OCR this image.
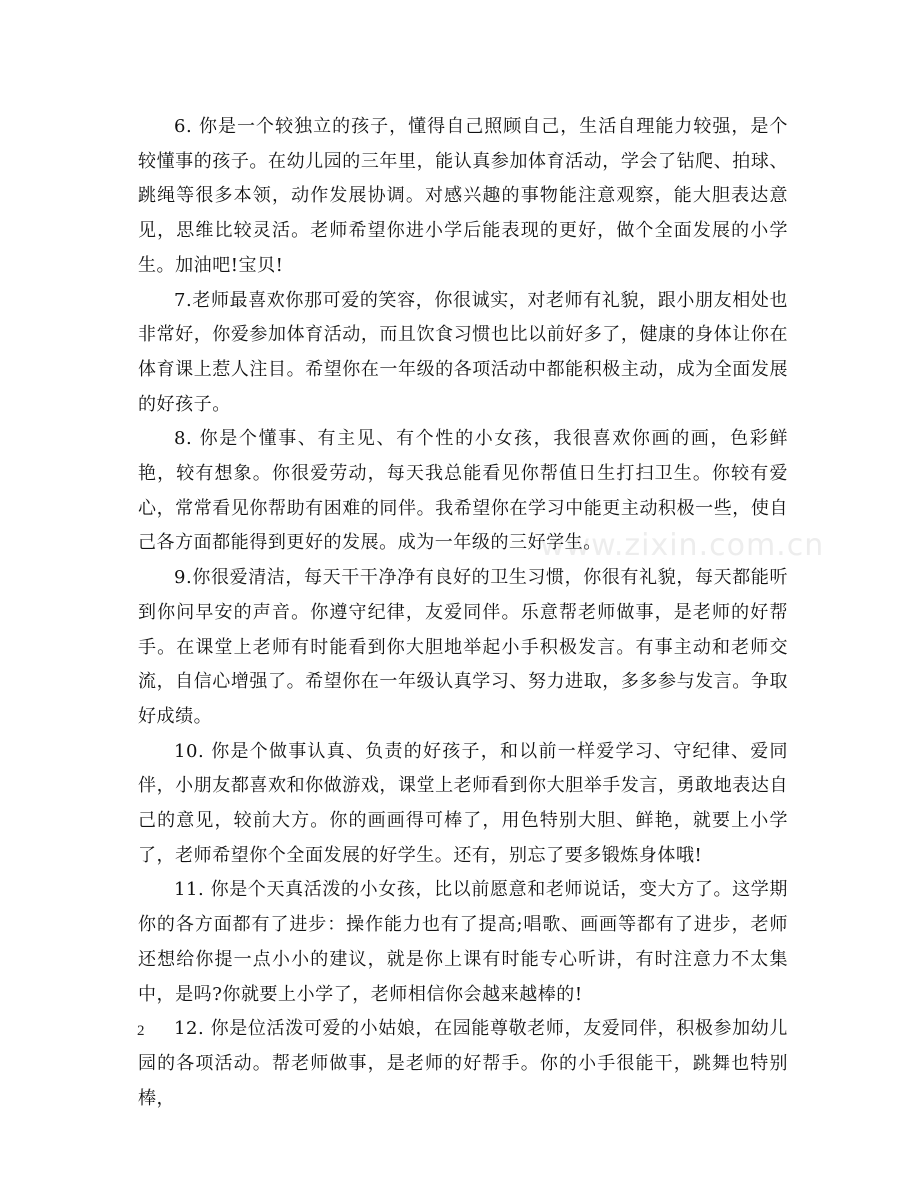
www.zixin.com.cn

6. 你是一个较独立的孩子，懂得自己照顾自己，生活自理能力较强，是个较懂事的孩子。在幼儿园的三年里，能认真参加体育活动，学会了钻爬、拍球、跳绳等很多本领，动作发展协调。对感兴趣的事物能注意观察，能大胆表达意见，思维比较灵活。老师希望你进小学后能表现的更好，做个全面发展的小学生。加油吧!宝贝!

7.老师最喜欢你那可爱的笑容，你很诚实，对老师有礼貌，跟小朋友相处也非常好，你爱参加体育活动，而且饮食习惯也比以前好多了，健康的身体让你在体育课上惹人注目。希望你在一年级的各项活动中都能积极主动，成为全面发展的好孩子。

8. 你是个懂事、有主见、有个性的小女孩，我很喜欢你画的画，色彩鲜艳，较有想象。你很爱劳动，每天我总能看见你帮值日生打扫卫生。你较有爱心，常常看见你帮助有困难的同伴。我希望你在学习中能更主动积极一些，使自己各方面都能得到更好的发展。成为一年级的三好学生。

9.你很爱清洁，每天干干净净有良好的卫生习惯，你很有礼貌，每天都能听到你问早安的声音。你遵守纪律，友爱同伴。乐意帮老师做事，是老师的好帮手。在课堂上老师有时能看到你大胆地举起小手积极发言。有事主动和老师交流，自信心增强了。希望你在一年级认真学习、努力进取，多多参与发言。争取好成绩。

10. 你是个做事认真、负责的好孩子，和以前一样爱学习、守纪律、爱同伴，小朋友都喜欢和你做游戏，课堂上老师看到你大胆举手发言，勇敢地表达自己的意见，较前大方。你的画画得可棒了，用色特别大胆、鲜艳，就要上小学了，老师希望你个全面发展的好学生。还有，别忘了要多锻炼身体哦!

11. 你是个天真活泼的小女孩，比以前愿意和老师说话，变大方了。这学期你的各方面都有了进步：操作能力也有了提高;唱歌、画画等都有了进步，老师还想给你提一点小小的建议，就是你上课有时能专心听讲，有时注意力不太集中，是吗?你就要上小学了，老师相信你会越来越棒的!

12. 你是位活泼可爱的小姑娘，在园能尊敬老师，友爱同伴，积极参加幼儿园的各项活动。帮老师做事，是老师的好帮手。你的小手很能干，跳舞也特别棒，

2
